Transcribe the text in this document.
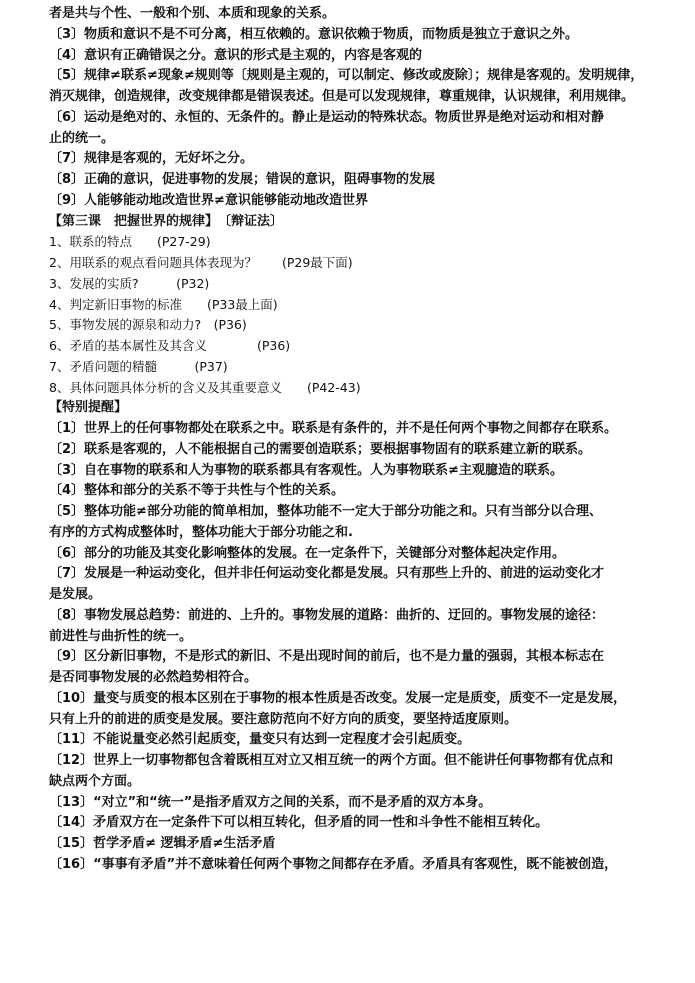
者是共与个性、一般和个别、本质和现象的关系。
〔3〕物质和意识不是不可分离，相互依赖的。意识依赖于物质，而物质是独立于意识之外。
〔4〕意识有正确错误之分。意识的形式是主观的，内容是客观的
〔5〕规律≠联系≠现象≠规则等〔规则是主观的，可以制定、修改或废除〕；规律是客观的。发明规律，
消灭规律，创造规律，改变规律都是错误表述。但是可以发现规律，尊重规律，认识规律，利用规律。
〔6〕运动是绝对的、永恒的、无条件的。静止是运动的特殊状态。物质世界是绝对运动和相对静
止的统一。
〔7〕规律是客观的，无好坏之分。
〔8〕正确的意识，促进事物的发展；错误的意识，阻碍事物的发展
〔9〕人能够能动地改造世界≠意识能够能动地改造世界
【第三课　把握世界的规律】　〔辩证法〕
1、联系的特点　　(P27-29)
2、用联系的观点看问题具体表现为？　　(P29最下面)
3、发展的实质?　　　(P32)
4、判定新旧事物的标准　　(P33最上面)
5、事物发展的源泉和动力?　(P36)
6、矛盾的基本属性及其含义　　　　(P36)
7、矛盾问题的精髓　　　(P37)
8、具体问题具体分析的含义及其重要意义　　(P42-43)
【特别提醒】
〔1〕世界上的任何事物都处在联系之中。联系是有条件的，并不是任何两个事物之间都存在联系。
〔2〕联系是客观的，人不能根据自己的需要创造联系；要根据事物固有的联系建立新的联系。
〔3〕自在事物的联系和人为事物的联系都具有客观性。人为事物联系≠主观臆造的联系。
〔4〕整体和部分的关系不等于共性与个性的关系。
〔5〕整体功能≠部分功能的简单相加，整体功能不一定大于部分功能之和。只有当部分以合理、
有序的方式构成整体时，整体功能大于部分功能之和.
〔6〕部分的功能及其变化影响整体的发展。在一定条件下，关键部分对整体起决定作用。
〔7〕发展是一种运动变化，但并非任何运动变化都是发展。只有那些上升的、前进的运动变化才
是发展。
〔8〕事物发展总趋势：前进的、上升的。事物发展的道路：曲折的、迂回的。事物发展的途径：
前进性与曲折性的统一。
〔9〕区分新旧事物，不是形式的新旧、不是出现时间的前后，也不是力量的强弱，其根本标志在
是否同事物发展的必然趋势相符合。
〔10〕量变与质变的根本区别在于事物的根本性质是否改变。发展一定是质变，质变不一定是发展，
只有上升的前进的质变是发展。要注意防范向不好方向的质变，要坚持适度原则。
〔11〕不能说量变必然引起质变，量变只有达到一定程度才会引起质变。
〔12〕世界上一切事物都包含着既相互对立又相互统一的两个方面。但不能讲任何事物都有优点和
缺点两个方面。
〔13〕“对立”和“统一”是指矛盾双方之间的关系，而不是矛盾的双方本身。
〔14〕矛盾双方在一定条件下可以相互转化，但矛盾的同一性和斗争性不能相互转化。
〔15〕哲学矛盾≠ 逻辑矛盾≠生活矛盾
〔16〕“事事有矛盾”并不意味着任何两个事物之间都存在矛盾。矛盾具有客观性，既不能被创造，
